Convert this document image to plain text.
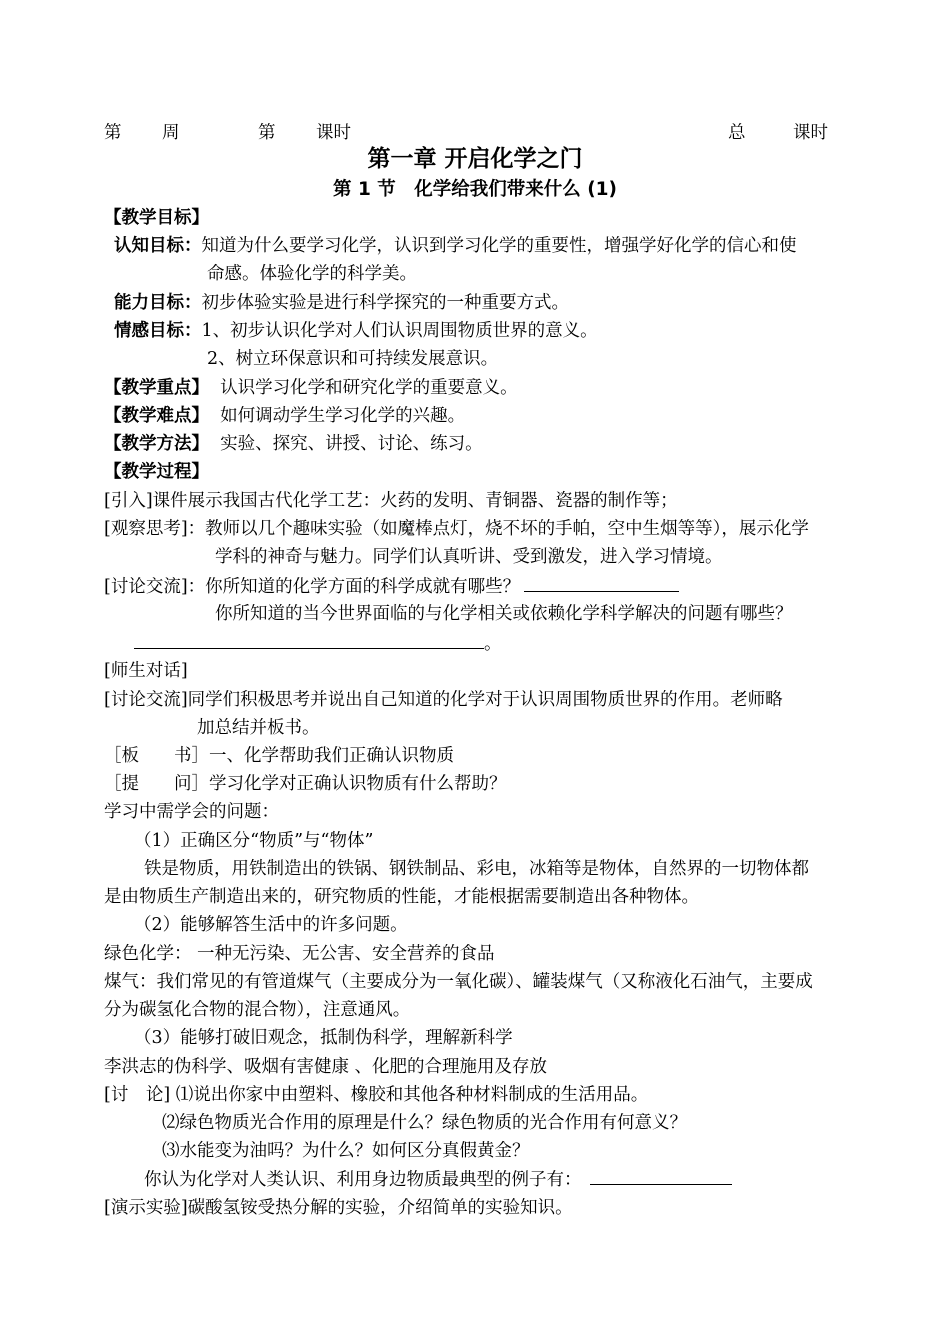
第 周	第 课时	总	课时
第一章 开启化学之门
第 1 节　化学给我们带来什么 (1)
【教学目标】
认知目标：知道为什么要学习化学，认识到学习化学的重要性，增强学好化学的信心和使
命感。体验化学的科学美。
能力目标：初步体验实验是进行科学探究的一种重要方式。
情感目标：1、初步认识化学对人们认识周围物质世界的意义。
2、树立环保意识和可持续发展意识。
【教学重点】 认识学习化学和研究化学的重要意义。
【教学难点】 如何调动学生学习化学的兴趣。
【教学方法】 实验、探究、讲授、讨论、练习。
【教学过程】
[引入]课件展示我国古代化学工艺：火药的发明、青铜器、瓷器的制作等；
[观察思考]：教师以几个趣味实验（如魔棒点灯，烧不坏的手帕，空中生烟等等），展示化学
学科的神奇与魅力。同学们认真听讲、受到激发，进入学习情境。
[讨论交流]：你所知道的化学方面的科学成就有哪些？
你所知道的当今世界面临的与化学相关或依赖化学科学解决的问题有哪些？
。
[师生对话]
[讨论交流]同学们积极思考并说出自己知道的化学对于认识周围物质世界的作用。老师略
加总结并板书。
［板　　书］一、化学帮助我们正确认识物质
［提　　问］学习化学对正确认识物质有什么帮助？
学习中需学会的问题：
（1）正确区分“物质”与“物体”
铁是物质，用铁制造出的铁锅、钢铁制品、彩电，冰箱等是物体，自然界的一切物体都
是由物质生产制造出来的，研究物质的性能，才能根据需要制造出各种物体。
（2）能够解答生活中的许多问题。
绿色化学： 一种无污染、无公害、安全营养的食品
煤气：我们常见的有管道煤气（主要成分为一氧化碳）、罐装煤气（又称液化石油气，主要成
分为碳氢化合物的混合物），注意通风。
（3）能够打破旧观念，抵制伪科学，理解新科学
李洪志的伪科学、吸烟有害健康 、化肥的合理施用及存放
[讨　论] ⑴说出你家中由塑料、橡胶和其他各种材料制成的生活用品。
⑵绿色物质光合作用的原理是什么？绿色物质的光合作用有何意义？
⑶水能变为油吗？为什么？如何区分真假黄金？
你认为化学对人类认识、利用身边物质最典型的例子有：
[演示实验]碳酸氢铵受热分解的实验，介绍简单的实验知识。
